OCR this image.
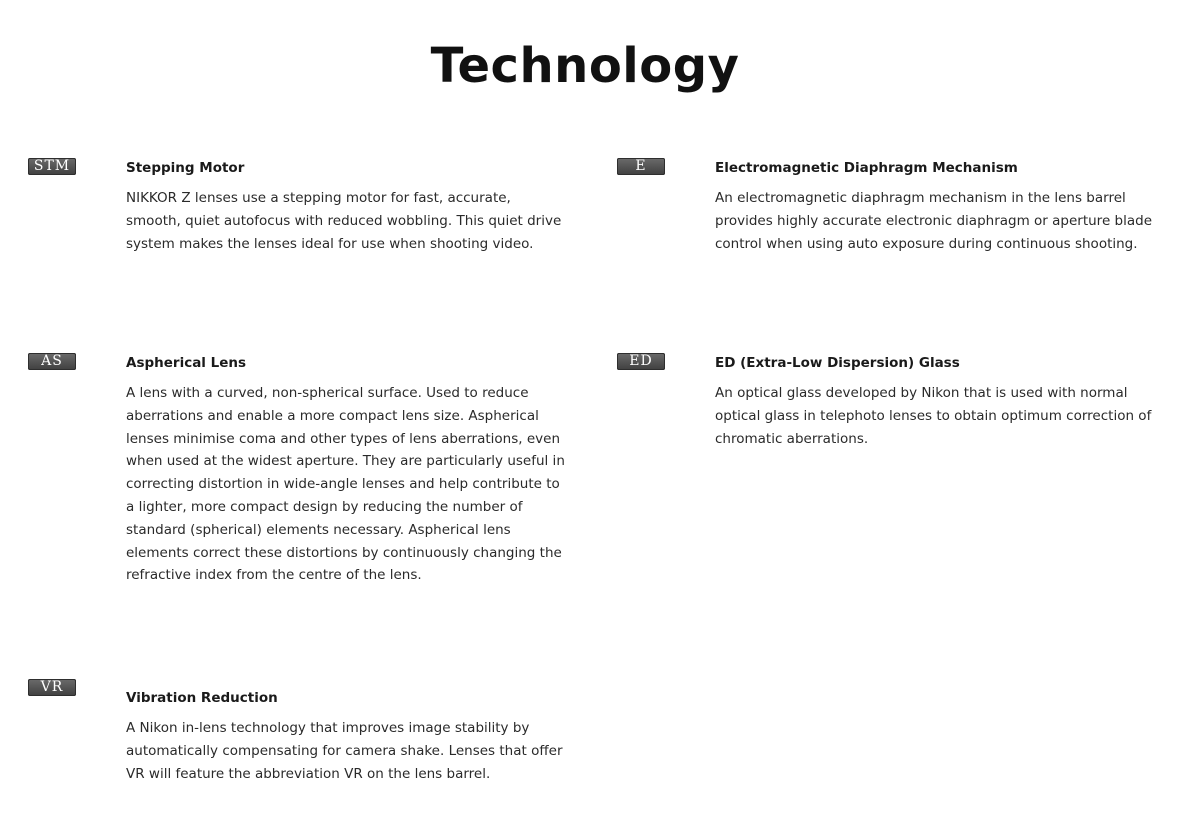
Technology
STM	Stepping Motor

NIKKOR Z lenses use a stepping motor for fast, accurate, smooth, quiet autofocus with reduced wobbling. This quiet drive system makes the lenses ideal for use when shooting video.

E	Electromagnetic Diaphragm Mechanism

An electromagnetic diaphragm mechanism in the lens barrel provides highly accurate electronic diaphragm or aperture blade control when using auto exposure during continuous shooting.

AS	Aspherical Lens

A lens with a curved, non-spherical surface. Used to reduce aberrations and enable a more compact lens size. Aspherical lenses minimise coma and other types of lens aberrations, even when used at the widest aperture. They are particularly useful in correcting distortion in wide-angle lenses and help contribute to a lighter, more compact design by reducing the number of standard (spherical) elements necessary. Aspherical lens elements correct these distortions by continuously changing the refractive index from the centre of the lens.

ED	ED (Extra-Low Dispersion) Glass

An optical glass developed by Nikon that is used with normal optical glass in telephoto lenses to obtain optimum correction of chromatic aberrations.

VR
Vibration Reduction

A Nikon in-lens technology that improves image stability by automatically compensating for camera shake. Lenses that offer VR will feature the abbreviation VR on the lens barrel.
